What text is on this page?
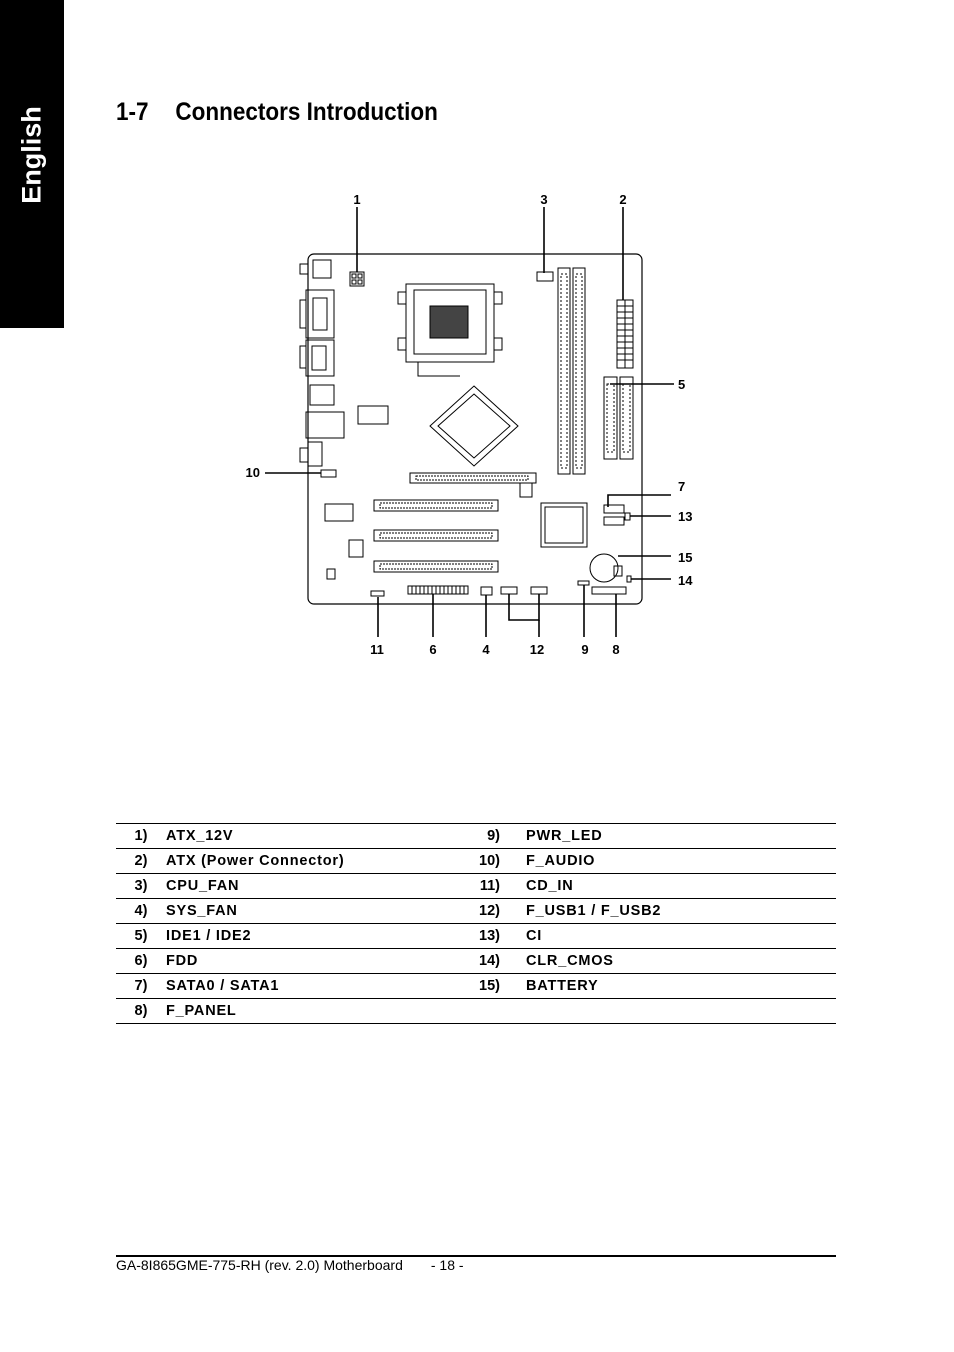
English	1-7 Connectors Introduction
1	3	2
5
7
13
15
14
10
11	6	4	12	9 8
1)	ATX_12V	9)	PWR_LED
2)	ATX (Power Connector)	10)	F_AUDIO
3)	CPU_FAN	11)	CD_IN
4)	SYS_FAN	12)	F_USB1 / F_USB2
5)	IDE1 / IDE2	13)	CI
6)	FDD	14)	CLR_CMOS
7)	SATA0 / SATA1	15)	BATTERY
8)	F_PANEL		
GA-8I865GME-775-RH (rev. 2.0) Motherboard - 18 -
